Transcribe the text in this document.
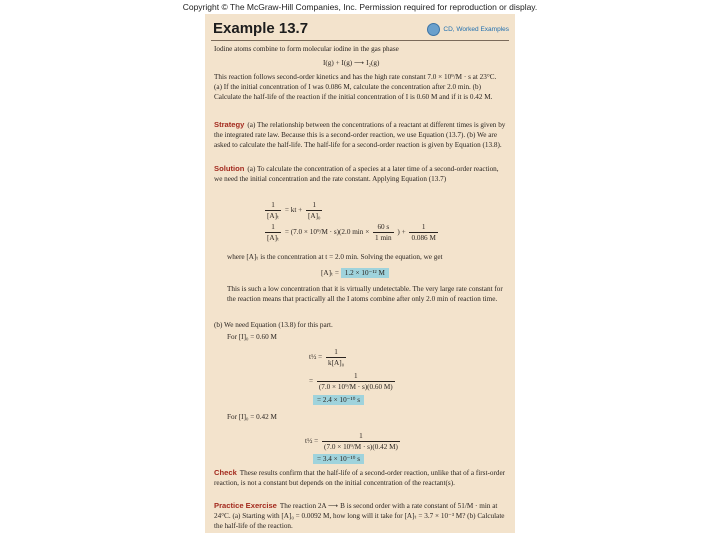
Copyright © The McGraw-Hill Companies, Inc. Permission required for reproduction or display.
Example 13.7	CD, Worked Examples
Iodine atoms combine to form molecular iodine in the gas phase
I(g) + I(g) ⟶ I₂(g)
This reaction follows second-order kinetics and has the high rate constant 7.0 × 10⁹/M · s at 23°C. (a) If the initial concentration of I was 0.086 M, calculate the concentration after 2.0 min. (b) Calculate the half-life of the reaction if the initial concentration of I is 0.60 M and if it is 0.42 M.
Strategy (a) The relationship between the concentrations of a reactant at different times is given by the integrated rate law. Because this is a second-order reaction, we use Equation (13.7). (b) We are asked to calculate the half-life. The half-life for a second-order reaction is given by Equation (13.8).
Solution (a) To calculate the concentration of a species at a later time of a second-order reaction, we need the initial concentration and the rate constant. Applying Equation (13.7)
$\frac{1}{\text{[A]ₜ}}$ = kt + $\frac{1}{\text{[A]₀}}$
$\frac{1}{\text{[A]ₜ}} = (7.0 \times 10^9/M \cdot s)(2.0$ $\min \times \frac{60 s}{1 \min}$ ) + $\frac{1}{0.086 M}$
where [A]ₜ is the concentration at t = 2.0 min. Solving the equation, we get
[A]ₜ = 1.2 × 10⁻¹² M
This is such a low concentration that it is virtually undetectable. The very large rate constant for the reaction means that practically all the I atoms combine after only 2.0 min of reaction time.
(b) We need Equation (13.8) for this part.
For [I]₀ = 0.60 M
t½ = $\frac{1}{\text{k[A]₀}}$
= $\frac{1}{\text{(7.0 × 10⁹/M · s)(0.60 M)}}$
= 2.4 × 10⁻¹⁰ s
For [I]₀ = 0.42 M
t½ = $\frac{1}{\text{(7.0 × 10⁹/M · s)(0.42 M)}}$
= 3.4 × 10⁻¹⁰ s
Check These results confirm that the half-life of a second-order reaction, unlike that of a first-order reaction, is not a constant but depends on the initial concentration of the reactant(s).
Practice Exercise The reaction 2A ⟶ B is second order with a rate constant of 51/M · min at 24°C. (a) Starting with [A]₀ = 0.0092 M, how long will it take for [A]ₜ = 3.7 × 10⁻³ M? (b) Calculate the half-life of the reaction.
